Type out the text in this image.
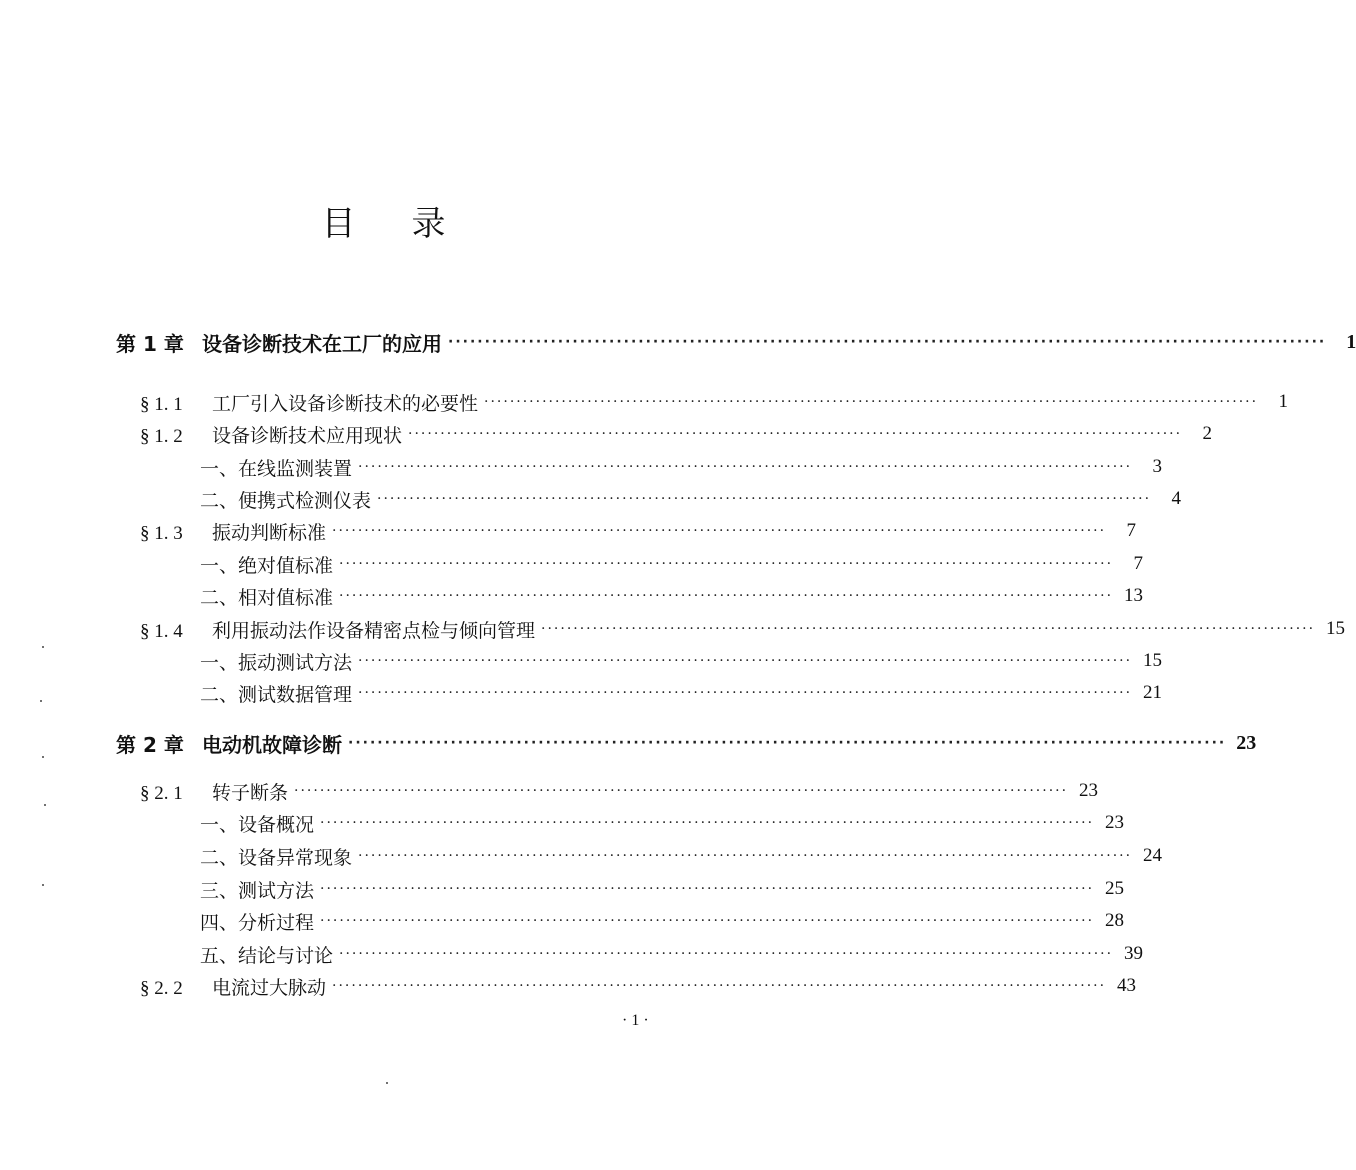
目 录
第 1 章 设备诊断技术在工厂的应用 ························································································································	1
§ 1. 1 工厂引入设备诊断技术的必要性 ························································································································	1
§ 1. 2 设备诊断技术应用现状 ························································································································	2
一、在线监测装置 ························································································································	3
二、便携式检测仪表 ························································································································	4
§ 1. 3 振动判断标准 ························································································································	7
一、绝对值标准 ························································································································	7
二、相对值标准 ························································································································ 13
§ 1. 4 利用振动法作设备精密点检与倾向管理 ························································································································ 15
一、振动测试方法 ························································································································ 15
二、测试数据管理 ························································································································ 21
第 2 章 电动机故障诊断 ························································································································ 23
§ 2. 1 转子断条 ························································································································ 23
一、设备概况 ························································································································ 23
二、设备异常现象 ························································································································ 24
三、测试方法 ························································································································ 25
四、分析过程 ························································································································ 28
五、结论与讨论 ························································································································ 39
§ 2. 2 电流过大脉动 ························································································································ 43
· 1 ·
